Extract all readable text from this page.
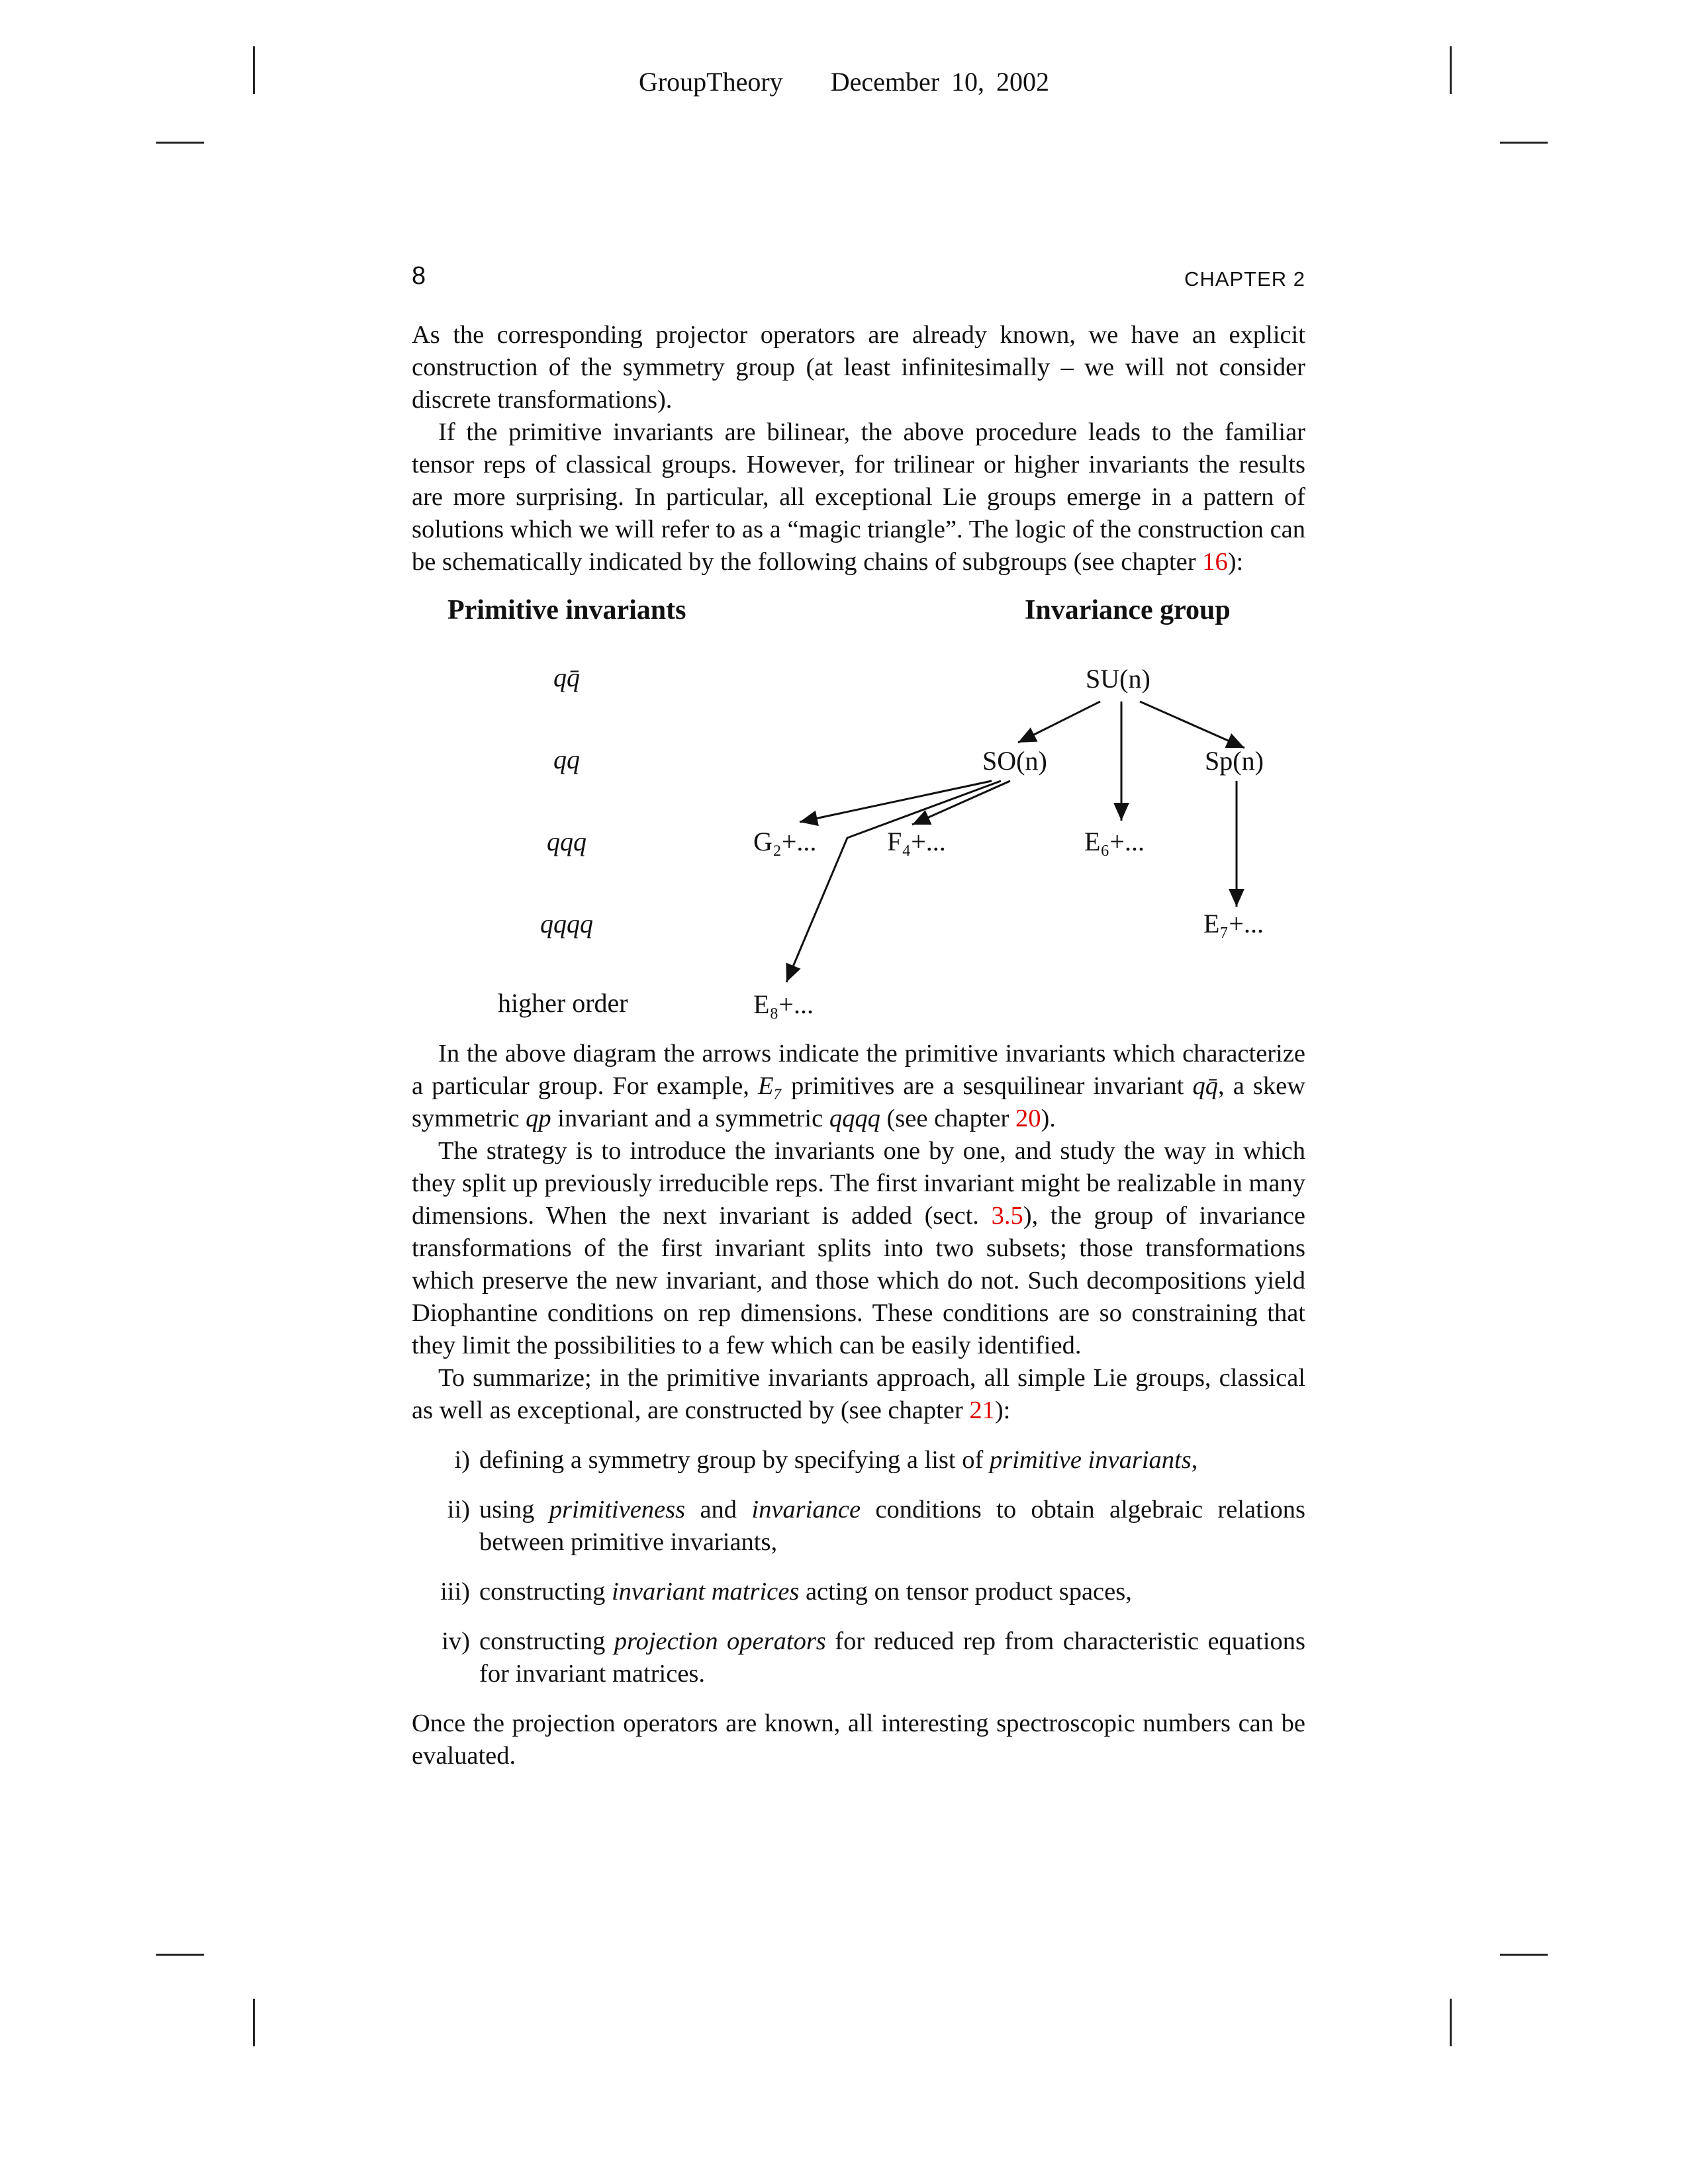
GroupTheory December 10, 2002
8	CHAPTER 2

As the corresponding projector operators are already known, we have an explicit construction of the symmetry group (at least infinitesimally – we will not consider discrete transformations).

If the primitive invariants are bilinear, the above procedure leads to the familiar tensor reps of classical groups. However, for trilinear or higher invariants the results are more surprising. In particular, all exceptional Lie groups emerge in a pattern of solutions which we will refer to as a “magic triangle”. The logic of the construction can be schematically indicated by the following chains of subgroups (see chapter 16):

Primitive invariants	Invariance group
qq̄
qq
qqq
qqqq
higher order
SU(n)
SO(n)	Sp(n)
G₂+...	F₄+...	E₆+...
E₇+...
E₈+...

In the above diagram the arrows indicate the primitive invariants which characterize a particular group. For example, E₇ primitives are a sesquilinear invariant qq̄, a skew symmetric qp invariant and a symmetric qqqq (see chapter 20).

The strategy is to introduce the invariants one by one, and study the way in which they split up previously irreducible reps. The first invariant might be realizable in many dimensions. When the next invariant is added (sect. 3.5), the group of invariance transformations of the first invariant splits into two subsets; those transformations which preserve the new invariant, and those which do not. Such decompositions yield Diophantine conditions on rep dimensions. These conditions are so constraining that they limit the possibilities to a few which can be easily identified.

To summarize; in the primitive invariants approach, all simple Lie groups, classical as well as exceptional, are constructed by (see chapter 21):

i) defining a symmetry group by specifying a list of primitive invariants,
ii) using primitiveness and invariance conditions to obtain algebraic relations between primitive invariants,
iii) constructing invariant matrices acting on tensor product spaces,
iv) constructing projection operators for reduced rep from characteristic equations for invariant matrices.

Once the projection operators are known, all interesting spectroscopic numbers can be evaluated.
